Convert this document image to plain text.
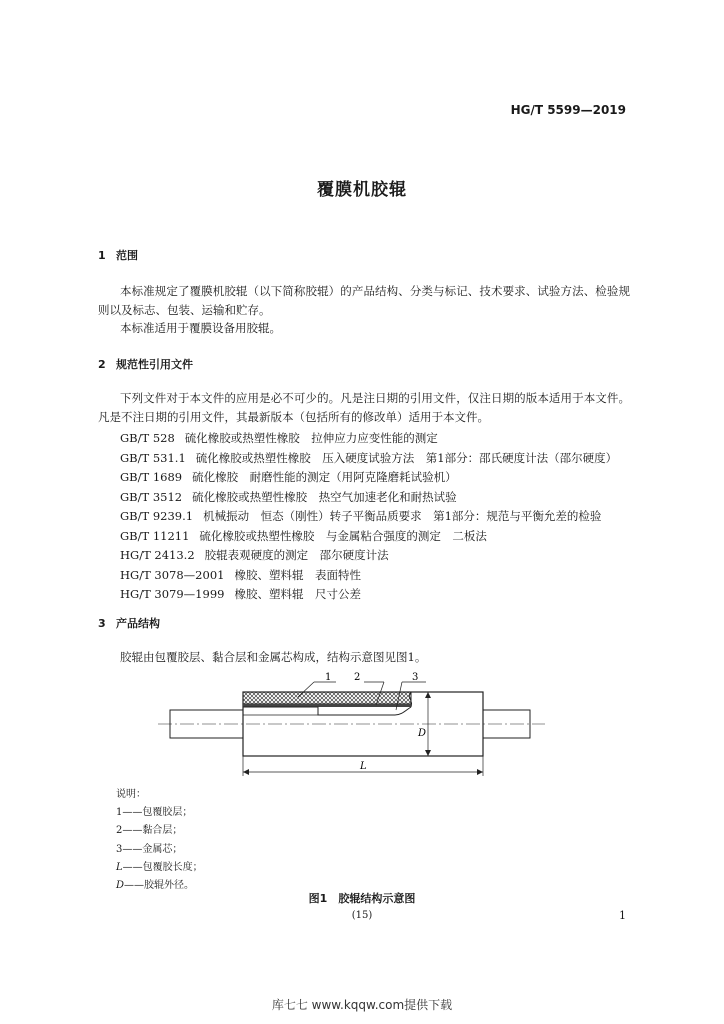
HG/T 5599—2019
覆膜机胶辊
1 范围
本标准规定了覆膜机胶辊（以下简称胶辊）的产品结构、分类与标记、技术要求、试验方法、检验规则以及标志、包装、运输和贮存。
本标准适用于覆膜设备用胶辊。
2 规范性引用文件
下列文件对于本文件的应用是必不可少的。凡是注日期的引用文件，仅注日期的版本适用于本文件。凡是不注日期的引用文件，其最新版本（包括所有的修改单）适用于本文件。
GB/T 528 硫化橡胶或热塑性橡胶　拉伸应力应变性能的测定
GB/T 531.1 硫化橡胶或热塑性橡胶　压入硬度试验方法　第1部分：邵氏硬度计法（邵尔硬度）
GB/T 1689 硫化橡胶　耐磨性能的测定（用阿克隆磨耗试验机）
GB/T 3512 硫化橡胶或热塑性橡胶　热空气加速老化和耐热试验
GB/T 9239.1 机械振动　恒态（刚性）转子平衡品质要求　第1部分：规范与平衡允差的检验
GB/T 11211 硫化橡胶或热塑性橡胶　与金属粘合强度的测定　二板法
HG/T 2413.2 胶辊表观硬度的测定　邵尔硬度计法
HG/T 3078—2001 橡胶、塑料辊　表面特性
HG/T 3079—1999 橡胶、塑料辊　尺寸公差
3 产品结构
胶辊由包覆胶层、黏合层和金属芯构成，结构示意图见图1。
1 2	3
D
L
说明：
1——包覆胶层；
2——黏合层；
3——金属芯；
L——包覆胶长度；
D——胶辊外径。
图1　胶辊结构示意图
(15)	1
库七七 www.kqqw.com提供下载
